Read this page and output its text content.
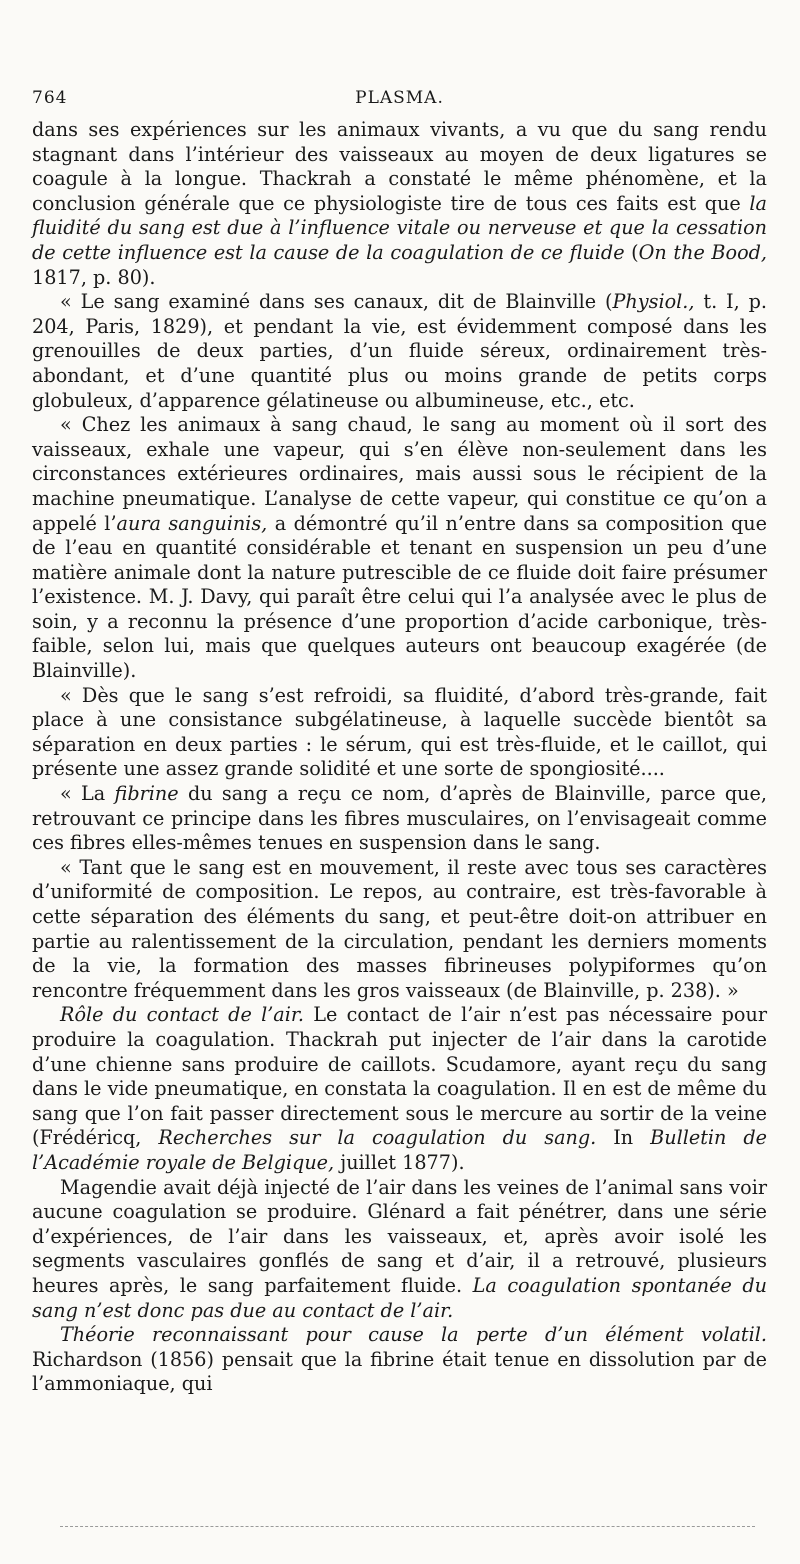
764	PLASMA.

dans ses expériences sur les animaux vivants, a vu que du sang rendu stagnant dans l’intérieur des vaisseaux au moyen de deux ligatures se coagule à la longue. Thackrah a constaté le même phénomène, et la conclusion générale que ce physiologiste tire de tous ces faits est que la fluidité du sang est due à l’influence vitale ou nerveuse et que la cessation de cette influence est la cause de la coagulation de ce fluide (On the Bood, 1817, p. 80).

« Le sang examiné dans ses canaux, dit de Blainville (Physiol., t. I, p. 204, Paris, 1829), et pendant la vie, est évidemment composé dans les grenouilles de deux parties, d’un fluide séreux, ordinairement très-abondant, et d’une quantité plus ou moins grande de petits corps globuleux, d’apparence gélatineuse ou albumineuse, etc., etc.

« Chez les animaux à sang chaud, le sang au moment où il sort des vaisseaux, exhale une vapeur, qui s’en élève non-seulement dans les circonstances extérieures ordinaires, mais aussi sous le récipient de la machine pneumatique. L’analyse de cette vapeur, qui constitue ce qu’on a appelé l’aura sanguinis, a démontré qu’il n’entre dans sa composition que de l’eau en quantité considérable et tenant en suspension un peu d’une matière animale dont la nature putrescible de ce fluide doit faire présumer l’existence. M. J. Davy, qui paraît être celui qui l’a analysée avec le plus de soin, y a reconnu la présence d’une proportion d’acide carbonique, très-faible, selon lui, mais que quelques auteurs ont beaucoup exagérée (de Blainville).

« Dès que le sang s’est refroidi, sa fluidité, d’abord très-grande, fait place à une consistance subgélatineuse, à laquelle succède bientôt sa séparation en deux parties : le sérum, qui est très-fluide, et le caillot, qui présente une assez grande solidité et une sorte de spongiosité....

« La fibrine du sang a reçu ce nom, d’après de Blainville, parce que, retrouvant ce principe dans les fibres musculaires, on l’envisageait comme ces fibres elles-mêmes tenues en suspension dans le sang.

« Tant que le sang est en mouvement, il reste avec tous ses caractères d’uniformité de composition. Le repos, au contraire, est très-favorable à cette séparation des éléments du sang, et peut-être doit-on attribuer en partie au ralentissement de la circulation, pendant les derniers moments de la vie, la formation des masses fibrineuses polypiformes qu’on rencontre fréquemment dans les gros vaisseaux (de Blainville, p. 238). »

Rôle du contact de l’air. Le contact de l’air n’est pas nécessaire pour produire la coagulation. Thackrah put injecter de l’air dans la carotide d’une chienne sans produire de caillots. Scudamore, ayant reçu du sang dans le vide pneumatique, en constata la coagulation. Il en est de même du sang que l’on fait passer directement sous le mercure au sortir de la veine (Frédéricq, Recherches sur la coagulation du sang. In Bulletin de l’Académie royale de Belgique, juillet 1877).

Magendie avait déjà injecté de l’air dans les veines de l’animal sans voir aucune coagulation se produire. Glénard a fait pénétrer, dans une série d’expériences, de l’air dans les vaisseaux, et, après avoir isolé les segments vasculaires gonflés de sang et d’air, il a retrouvé, plusieurs heures après, le sang parfaitement fluide. La coagulation spontanée du sang n’est donc pas due au contact de l’air.

Théorie reconnaissant pour cause la perte d’un élément volatil. Richardson (1856) pensait que la fibrine était tenue en dissolution par de l’ammoniaque, qui
